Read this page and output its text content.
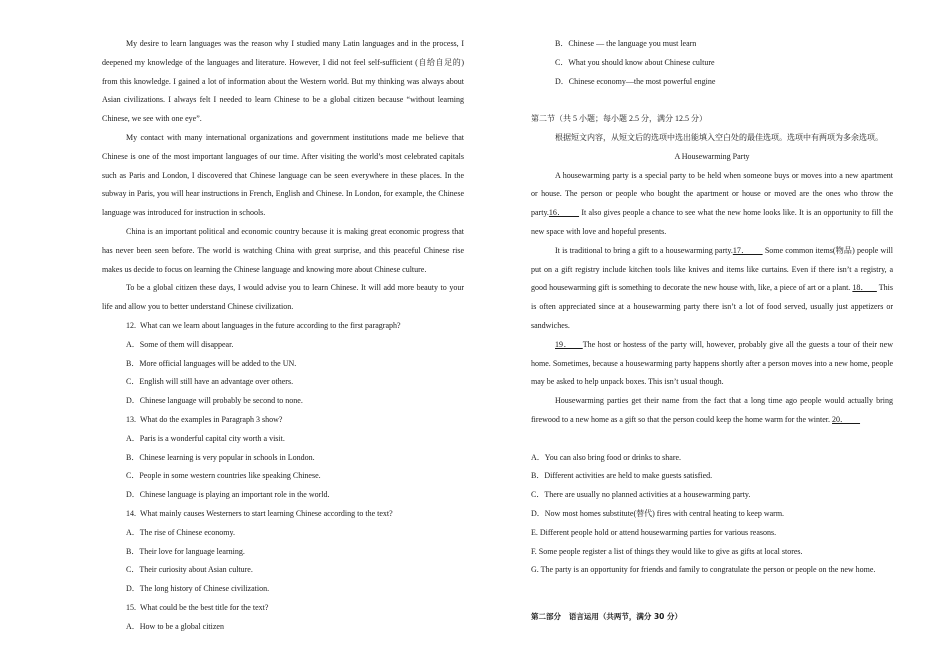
My desire to learn languages was the reason why I studied many Latin languages and in the process, I deepened my knowledge of the languages and literature. However, I did not feel self-sufficient (自给自足的) from this knowledge. I gained a lot of information about the Western world. But my thinking was always about Asian civilizations. I always felt I needed to learn Chinese to be a global citizen because “without learning Chinese, we see with one eye”.

My contact with many international organizations and government institutions made me believe that Chinese is one of the most important languages of our time. After visiting the world’s most celebrated capitals such as Paris and London, I discovered that Chinese language can be seen everywhere in these places. In the subway in Paris, you will hear instructions in French, English and Chinese. In London, for example, the Chinese language was introduced for instruction in schools.

China is an important political and economic country because it is making great economic progress that has never been seen before. The world is watching China with great surprise, and this peaceful Chinese rise makes us decide to focus on learning the Chinese language and knowing more about Chinese culture.

To be a global citizen these days, I would advise you to learn Chinese. It will add more beauty to your life and allow you to better understand Chinese civilization.

12.  What can we learn about languages in the future according to the first paragraph?

A．Some of them will disappear.

B．More official languages will be added to the UN.

C．English will still have an advantage over others.

D．Chinese language will probably be second to none.

13.  What do the examples in Paragraph 3 show?

A．Paris is a wonderful capital city worth a visit.

B．Chinese learning is very popular in schools in London.

C．People in some western countries like speaking Chinese.

D．Chinese language is playing an important role in the world.

14.  What mainly causes Westerners to start learning Chinese according to the text?

A．The rise of Chinese economy.

B．Their love for language learning.

C．Their curiosity about Asian culture.

D．The long history of Chinese civilization.

15.  What could be the best title for the text?

A．How to be a global citizen

B．Chinese — the language you must learn

C．What you should know about Chinese culture

D．Chinese economy—the most powerful engine

第二节（共 5 小题；每小题 2.5 分，满分 12.5 分）

根据短文内容，从短文后的选项中选出能填入空白处的最佳选项。选项中有两项为多余选项。

A Housewarming Party

A housewarming party is a special party to be held when someone buys or moves into a new apartment or house. The person or people who bought the apartment or house or moved are the ones who throw the party.16．       It also gives people a chance to see what the new home looks like. It is an opportunity to fill the new space with love and hopeful presents.

It is traditional to bring a gift to a housewarming party.17．       Some common items(物品) people will put on a gift registry include kitchen tools like knives and items like curtains. Even if there isn’t a registry, a good housewarming gift is something to decorate the new house with, like, a piece of art or a plant. 18．     This is often appreciated since at a housewarming party there isn’t a lot of food served, usually just appetizers or sandwiches.

19．    The host or hostess of the party will, however, probably give all the guests a tour of their new home. Sometimes, because a housewarming party happens shortly after a person moves into a new home, people may be asked to help unpack boxes. This isn’t usual though.

Housewarming parties get their name from the fact that a long time ago people would actually bring firewood to a new home as a gift so that the person could keep the home warm for the winter. 20．

A．You can also bring food or drinks to share.

B．Different activities are held to make guests satisfied.

C．There are usually no planned activities at a housewarming party.

D．Now most homes substitute(替代) fires with central heating to keep warm.

E. Different people hold or attend housewarming parties for various reasons.

F. Some people register a list of things they would like to give as gifts at local stores.

G. The party is an opportunity for friends and family to congratulate the person or people on the new home.

第二部分   语言运用（共两节，满分 30 分）
